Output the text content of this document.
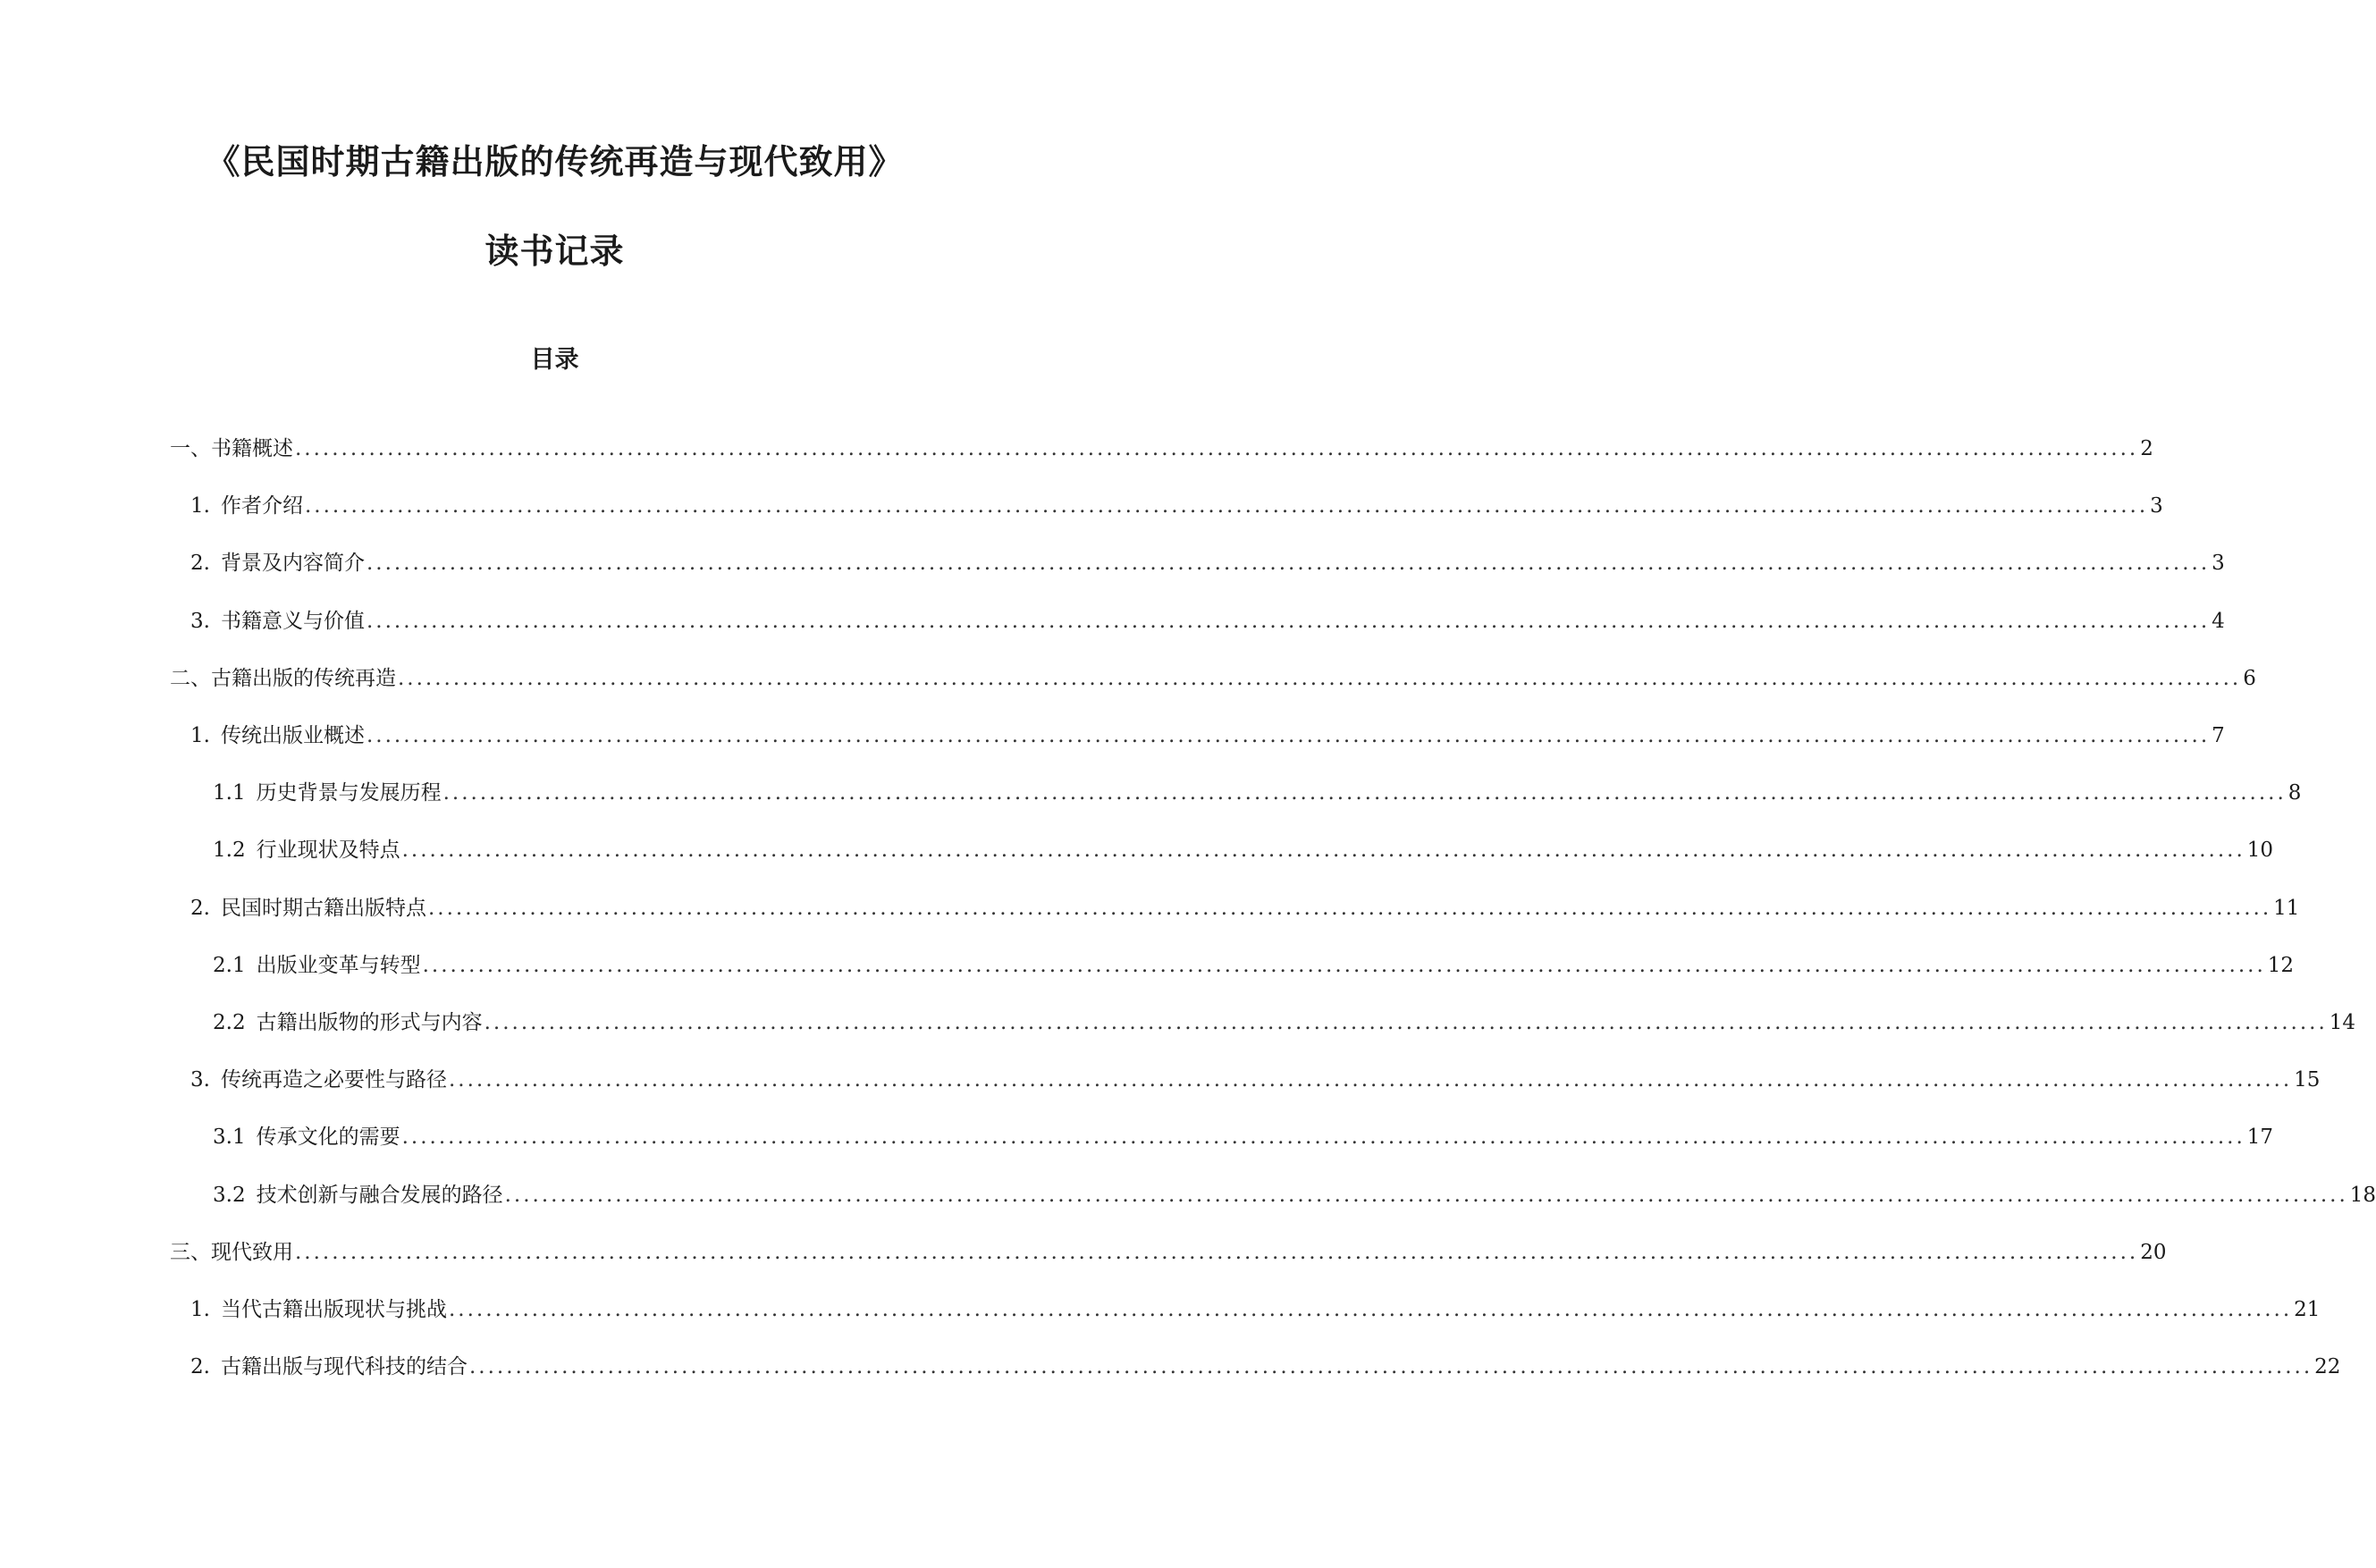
《民国时期古籍出版的传统再造与现代致用》
读书记录
目录
一、书籍概述 ........................................................................................................................................................................................................ 2
1. 作者介绍 ........................................................................................................................................................................................................ 3
2. 背景及内容简介 ........................................................................................................................................................................................................ 3
3. 书籍意义与价值 ........................................................................................................................................................................................................ 4
二、古籍出版的传统再造 ........................................................................................................................................................................................................ 6
1. 传统出版业概述 ........................................................................................................................................................................................................ 7
1.1 历史背景与发展历程 ........................................................................................................................................................................................................ 8
1.2 行业现状及特点 ........................................................................................................................................................................................................ 10
2. 民国时期古籍出版特点 ........................................................................................................................................................................................................ 11
2.1 出版业变革与转型 ........................................................................................................................................................................................................ 12
2.2 古籍出版物的形式与内容 ........................................................................................................................................................................................................ 14
3. 传统再造之必要性与路径 ........................................................................................................................................................................................................ 15
3.1 传承文化的需要 ........................................................................................................................................................................................................ 17
3.2 技术创新与融合发展的路径 ........................................................................................................................................................................................................ 18
三、现代致用 ........................................................................................................................................................................................................ 20
1. 当代古籍出版现状与挑战 ........................................................................................................................................................................................................ 21
2. 古籍出版与现代科技的结合 ........................................................................................................................................................................................................ 22
